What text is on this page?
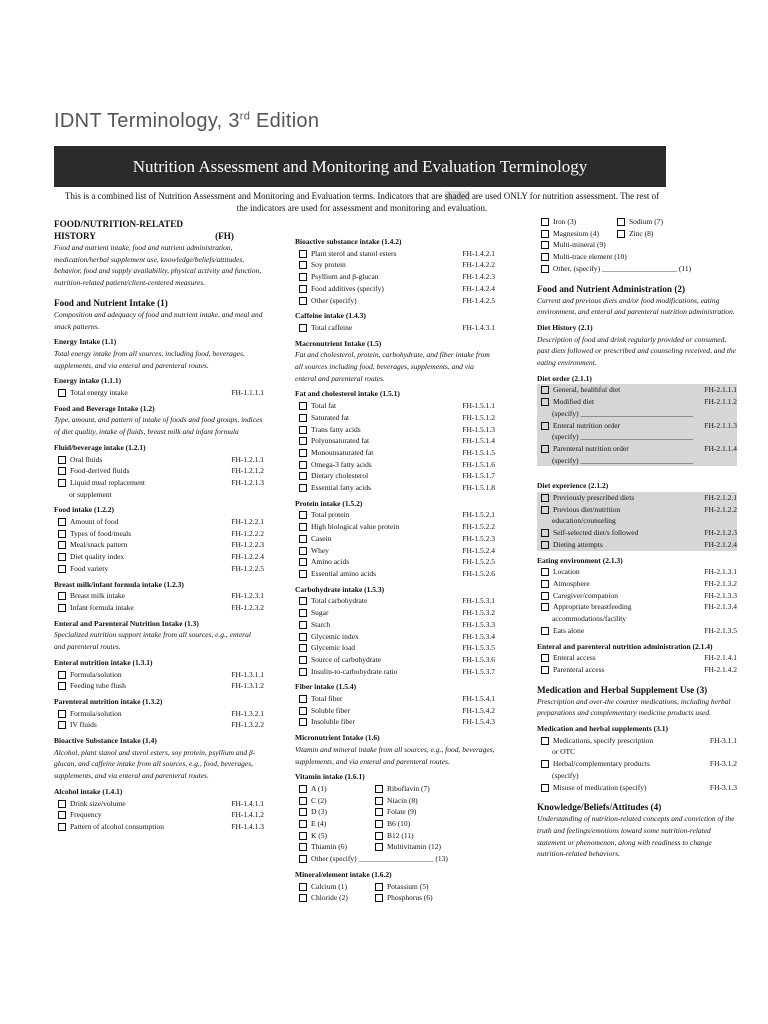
IDNT Terminology, 3rd Edition
Nutrition Assessment and Monitoring and Evaluation Terminology
This is a combined list of Nutrition Assessment and Monitoring and Evaluation terms. Indicators that are shaded are used ONLY for nutrition assessment. The rest of the indicators are used for assessment and monitoring and evaluation.
FOOD/NUTRITION-RELATED HISTORY	(FH)
Food and nutrient intake, food and nutrient administration, medication/herbal supplement use, knowledge/beliefs/attitudes, behavior, food and supply availability, physical activity and function, nutrition-related patient/client-centered measures.
Food and Nutrient Intake (1)
Composition and adequacy of food and nutrient intake, and meal and snack patterns.
Energy Intake (1.1)
Total energy intake from all sources, including food, beverages, supplements, and via enteral and parenteral routes.
Energy intake (1.1.1)
Total energy intake	FH-1.1.1.1
Food and Beverage Intake (1.2)
Type, amount, and pattern of intake of foods and food groups, indices of diet quality, intake of fluids, breast milk and infant formula
Fluid/beverage intake (1.2.1)
Oral fluids	FH-1.2.1.1
Food-derived fluids	FH-1.2.1.2
Liquid meal replacement	FH-1.2.1.3
or supplement
Food intake (1.2.2)
Amount of food	FH-1.2.2.1
Types of food/meals	FH-1.2.2.2
Meal/snack pattern	FH-1.2.2.3
Diet quality index	FH-1.2.2.4
Food variety	FH-1.2.2.5
Breast milk/infant formula intake (1.2.3)
Breast milk intake	FH-1.2.3.1
Infant formula intake	FH-1.2.3.2
Enteral and Parenteral Nutrition Intake (1.3)
Specialized nutrition support intake from all sources, e.g., enteral and parenteral routes.
Enteral nutrition intake (1.3.1)
Formula/solution	FH-1.3.1.1
Feeding tube flush	FH-1.3.1.2
Parenteral nutrition intake (1.3.2)
Formula/solution	FH-1.3.2.1
IV fluids	FH-1.3.2.2
Bioactive Substance Intake (1.4)
Alcohol, plant stanol and sterol esters, soy protein, psyllium and β-glucan, and caffeine intake from all sources, e.g., food, beverages, supplements, and via enteral and parenteral routes.
Alcohol intake (1.4.1)
Drink size/volume	FH-1.4.1.1
Frequency	FH-1.4.1.2
Pattern of alcohol consumption	FH-1.4.1.3
Bioactive substance intake (1.4.2)
Plant sterol and stanol esters	FH-1.4.2.1
Soy protein	FH-1.4.2.2
Psyllium and β-glucan	FH-1.4.2.3
Food additives (specify)	FH-1.4.2.4
Other (specify)	FH-1.4.2.5
Caffeine intake (1.4.3)
Total caffeine	FH-1.4.3.1
Macronutrient Intake (1.5)
Fat and cholesterol, protein, carbohydrate, and fiber intake from all sources including food, beverages, supplements, and via enteral and parenteral routes.
Fat and cholesterol intake (1.5.1)
Total fat	FH-1.5.1.1
Saturated fat	FH-1.5.1.2
Trans fatty acids	FH-1.5.1.3
Polyunsaturated fat	FH-1.5.1.4
Monounsaturated fat	FH-1.5.1.5
Omega-3 fatty acids	FH-1.5.1.6
Dietary cholesterol	FH-1.5.1.7
Essential fatty acids	FH-1.5.1.8
Protein intake (1.5.2)
Total protein	FH-1.5.2.1
High biological value protein	FH-1.5.2.2
Casein	FH-1.5.2.3
Whey	FH-1.5.2.4
Amino acids	FH-1.5.2.5
Essential amino acids	FH-1.5.2.6
Carbohydrate intake (1.5.3)
Total carbohydrate	FH-1.5.3.1
Sugar	FH-1.5.3.2
Starch	FH-1.5.3.3
Glycemic index	FH-1.5.3.4
Glycemic load	FH-1.5.3.5
Source of carbohydrate	FH-1.5.3.6
Insulin-to-carbohydrate ratio	FH-1.5.3.7
Fiber intake (1.5.4)
Total fiber	FH-1.5.4.1
Soluble fiber	FH-1.5.4.2
Insoluble fiber	FH-1.5.4.3
Micronutrient Intake (1.6)
Vitamin and mineral intake from all sources, e.g., food, beverages, supplements, and via enteral and parenteral routes.
Vitamin intake (1.6.1)
A (1)	Riboflavin (7)
C (2)	Niacin (8)
D (3)	Folate (9)
E (4)	B6 (10)
K (5)	B12 (11)
Thiamin (6)	Multivitamin (12)
Other (specify) ____________________ (13)
Mineral/element intake (1.6.2)
Calcium (1)	Potassium (5)
Chloride (2)	Phosphorus (6)
Iron (3)	Sodium (7)
Magnesium (4)	Zinc (8)
Multi-mineral (9)
Multi-trace element (10)
Other, (specify) ____________________ (11)
Food and Nutrient Administration (2)
Current and previous diets and/or food modifications, eating environment, and enteral and parenteral nutrition administration.
Diet History (2.1)
Description of food and drink regularly provided or consumed, past diets followed or prescribed and counseling received, and the eating environment.
Diet order (2.1.1)
General, healthful diet	FH-2.1.1.1
Modified diet	FH-2.1.1.2
(specify) ______________________________
Enteral nutrition order	FH-2.1.1.3
(specify) ______________________________
Parenteral nutrition order	FH-2.1.1.4
(specify) ______________________________
Diet experience (2.1.2)
Previously prescribed diets	FH-2.1.2.1
Previous diet/nutrition	FH-2.1.2.2
education/counseling
Self-selected diet/s followed	FH-2.1.2.3
Dieting attempts	FH-2.1.2.4
Eating environment (2.1.3)
Location	FH-2.1.3.1
Atmosphere	FH-2.1.3.2
Caregiver/companion	FH-2.1.3.3
Appropriate breastfeeding	FH-2.1.3.4
accommodations/facility
Eats alone	FH-2.1.3.5
Enteral and parenteral nutrition administration (2.1.4)
Enteral access	FH-2.1.4.1
Parenteral access	FH-2.1.4.2
Medication and Herbal Supplement Use (3)
Prescription and over-the counter medications, including herbal preparations and complementary medicine products used.
Medication and herbal supplements (3.1)
Medications, specify prescription	FH-3.1.1
or OTC
Herbal/complementary products	FH-3.1.2
(specify)
Misuse of medication (specify)	FH-3.1.3
Knowledge/Beliefs/Attitudes (4)
Understanding of nutrition-related concepts and conviction of the truth and feelings/emotions toward some nutrition-related statement or phenomenon, along with readiness to change nutrition-related behaviors.
